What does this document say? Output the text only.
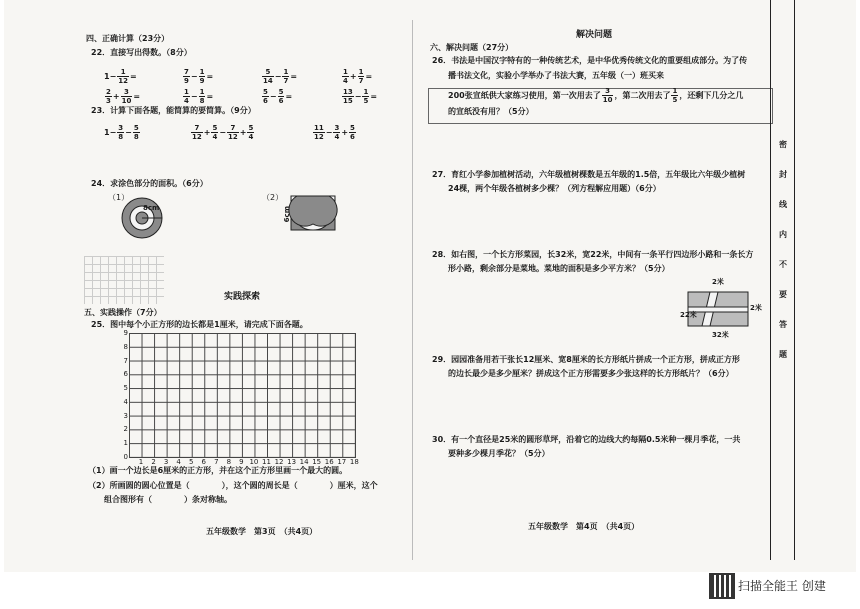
四、正确计算（23分）
22．直接写出得数。（8分）
$1- \frac{1}{12}$ =	$\frac{7}{9} - \frac{1}{9}$ =	$\frac{5}{14} - \frac{1}{7}$ =	$\frac{1}{4} + \frac{1}{7}$ =
$\frac{2}{3} + \frac{3}{10}$ =	$\frac{1}{4} - \frac{1}{8}$ =	$\frac{5}{6} - \frac{5}{6}$ =	$\frac{13}{15} - \frac{1}{5}$ =
23．计算下面各题，能简算的要简算。（9分）
$1- \frac{3}{8} - \frac{5}{8}$	$\frac{7}{12} + \frac{5}{4} - \frac{7}{12} + \frac{5}{4}$	$\frac{11}{12} - \frac{3}{4} + \frac{5}{6}$
24．求涂色部分的面积。（6分）
（1）	（2）
8cm	6cm
实践探索
五、实践操作（7分）
25．图中每个小正方形的边长都是1厘米，请完成下面各题。
9
8
7
6
5
4
3
2
1
0
1	2	3	4	5	6	7	8	9 10 11 12 13 14 15 16 17 18
（1）画一个边长是6厘米的正方形，并在这个正方形里画一个最大的圆。
（2）所画圆的圆心位置是（　　　　），这个圆的周长是（　　　　）厘米，这个
组合图形有（　　　　）条对称轴。
五年级数学　第3页　（共4页）
解决问题
六、解决问题（27分）
26．书法是中国汉字特有的一种传统艺术，是中华优秀传统文化的重要组成部分。为了传
播书法文化，实验小学举办了书法大赛，五年级（一）班买来
200张宣纸供大家练习使用，第一次用去了 $\frac{3}{10}$ ，第二次用去了 $\frac{1}{5}$ ，还剩下几分之几
的宣纸没有用？（5分）
27．育红小学参加植树活动，六年级植树棵数是五年级的1.5倍，五年级比六年级少植树
24棵，两个年级各植树多少棵？（列方程解应用题）（6分）
28．如右图，一个长方形菜园，长32米，宽22米，中间有一条平行四边形小路和一条长方
形小路，剩余部分是菜地。菜地的面积是多少平方米？（5分）
2米
22米
2米
32米
29．园园准备用若干张长12厘米、宽8厘米的长方形纸片拼成一个正方形，拼成正方形
的边长最少是多少厘米？拼成这个正方形需要多少张这样的长方形纸片？（6分）
30．有一个直径是25米的圆形草坪，沿着它的边线大约每隔0.5米种一棵月季花，一共
要种多少棵月季花？（5分）
五年级数学　第4页　（共4页）
密
封
线
内
不
要
答
题
扫描全能王 创建
